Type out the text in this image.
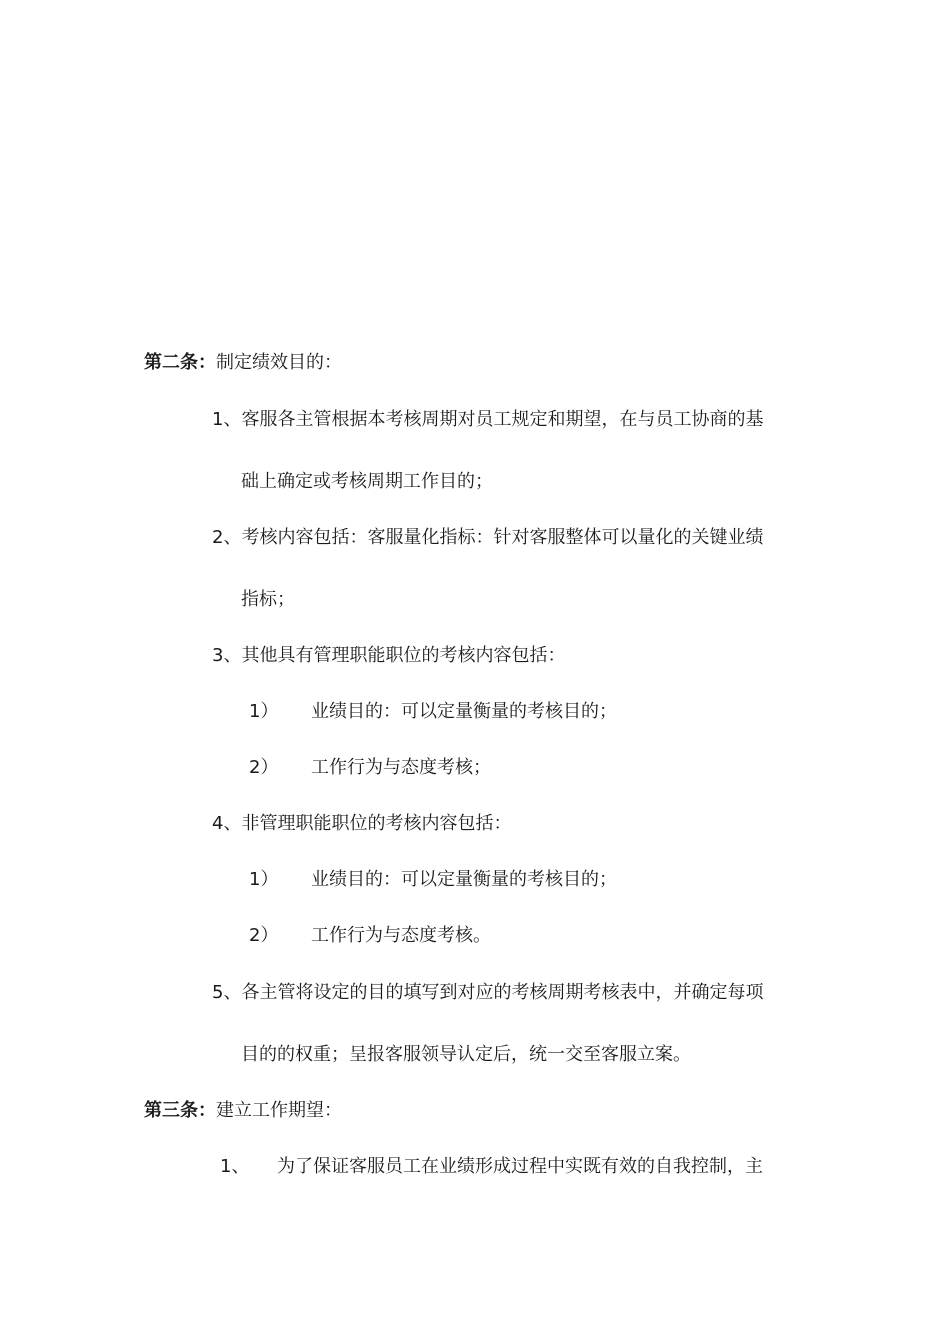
第二条：制定绩效目的：
1、客服各主管根据本考核周期对员工规定和期望，在与员工协商的基
础上确定或考核周期工作目的；
2、考核内容包括：客服量化指标：针对客服整体可以量化的关键业绩
指标；
3、其他具有管理职能职位的考核内容包括：
1） 业绩目的：可以定量衡量的考核目的；
2） 工作行为与态度考核；
4、非管理职能职位的考核内容包括：
1） 业绩目的：可以定量衡量的考核目的；
2） 工作行为与态度考核。
5、各主管将设定的目的填写到对应的考核周期考核表中，并确定每项
目的的权重；呈报客服领导认定后，统一交至客服立案。
第三条：建立工作期望：
1、 为了保证客服员工在业绩形成过程中实既有效的自我控制，主
